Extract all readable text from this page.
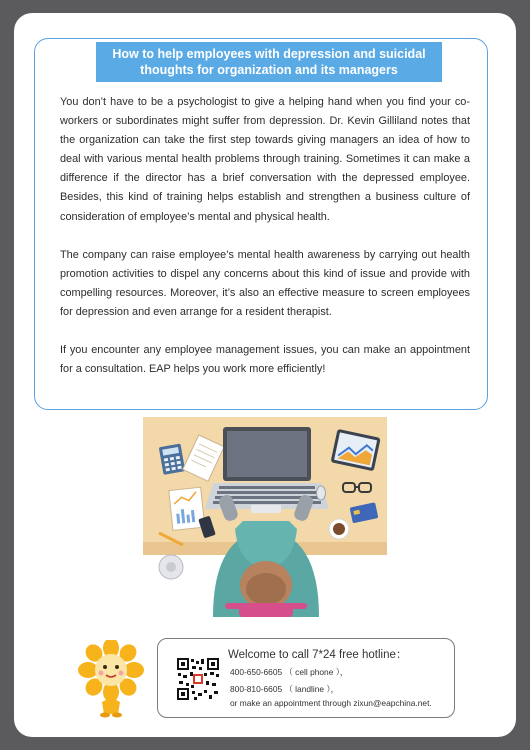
How to help employees with depression and suicidal
thoughts for organization and its managers

You don’t have to be a psychologist to give a helping hand when you find your co-workers or subordinates might suffer from depression. Dr. Kevin Gilliland notes that the organization can take the first step towards giving managers an idea of how to deal with various mental health problems through training. Sometimes it can make a difference if the director has a brief conversation with the depressed employee. Besides, this kind of training helps establish and strengthen a business culture of consideration of employee’s mental and physical health.

The company can raise employee’s mental health awareness by carrying out health promotion activities to dispel any concerns about this kind of issue and provide with compelling resources. Moreover, it’s also an effective measure to screen employees for depression and even arrange for a resident therapist.

If you encounter any employee management issues, you can make an appointment for a consultation. EAP helps you work more efficiently!

Welcome to call 7*24 free hotline：
400-650-6605 （ cell phone ），
800-810-6605 （ landline ），
or make an appointment through zixun@eapchina.net.
